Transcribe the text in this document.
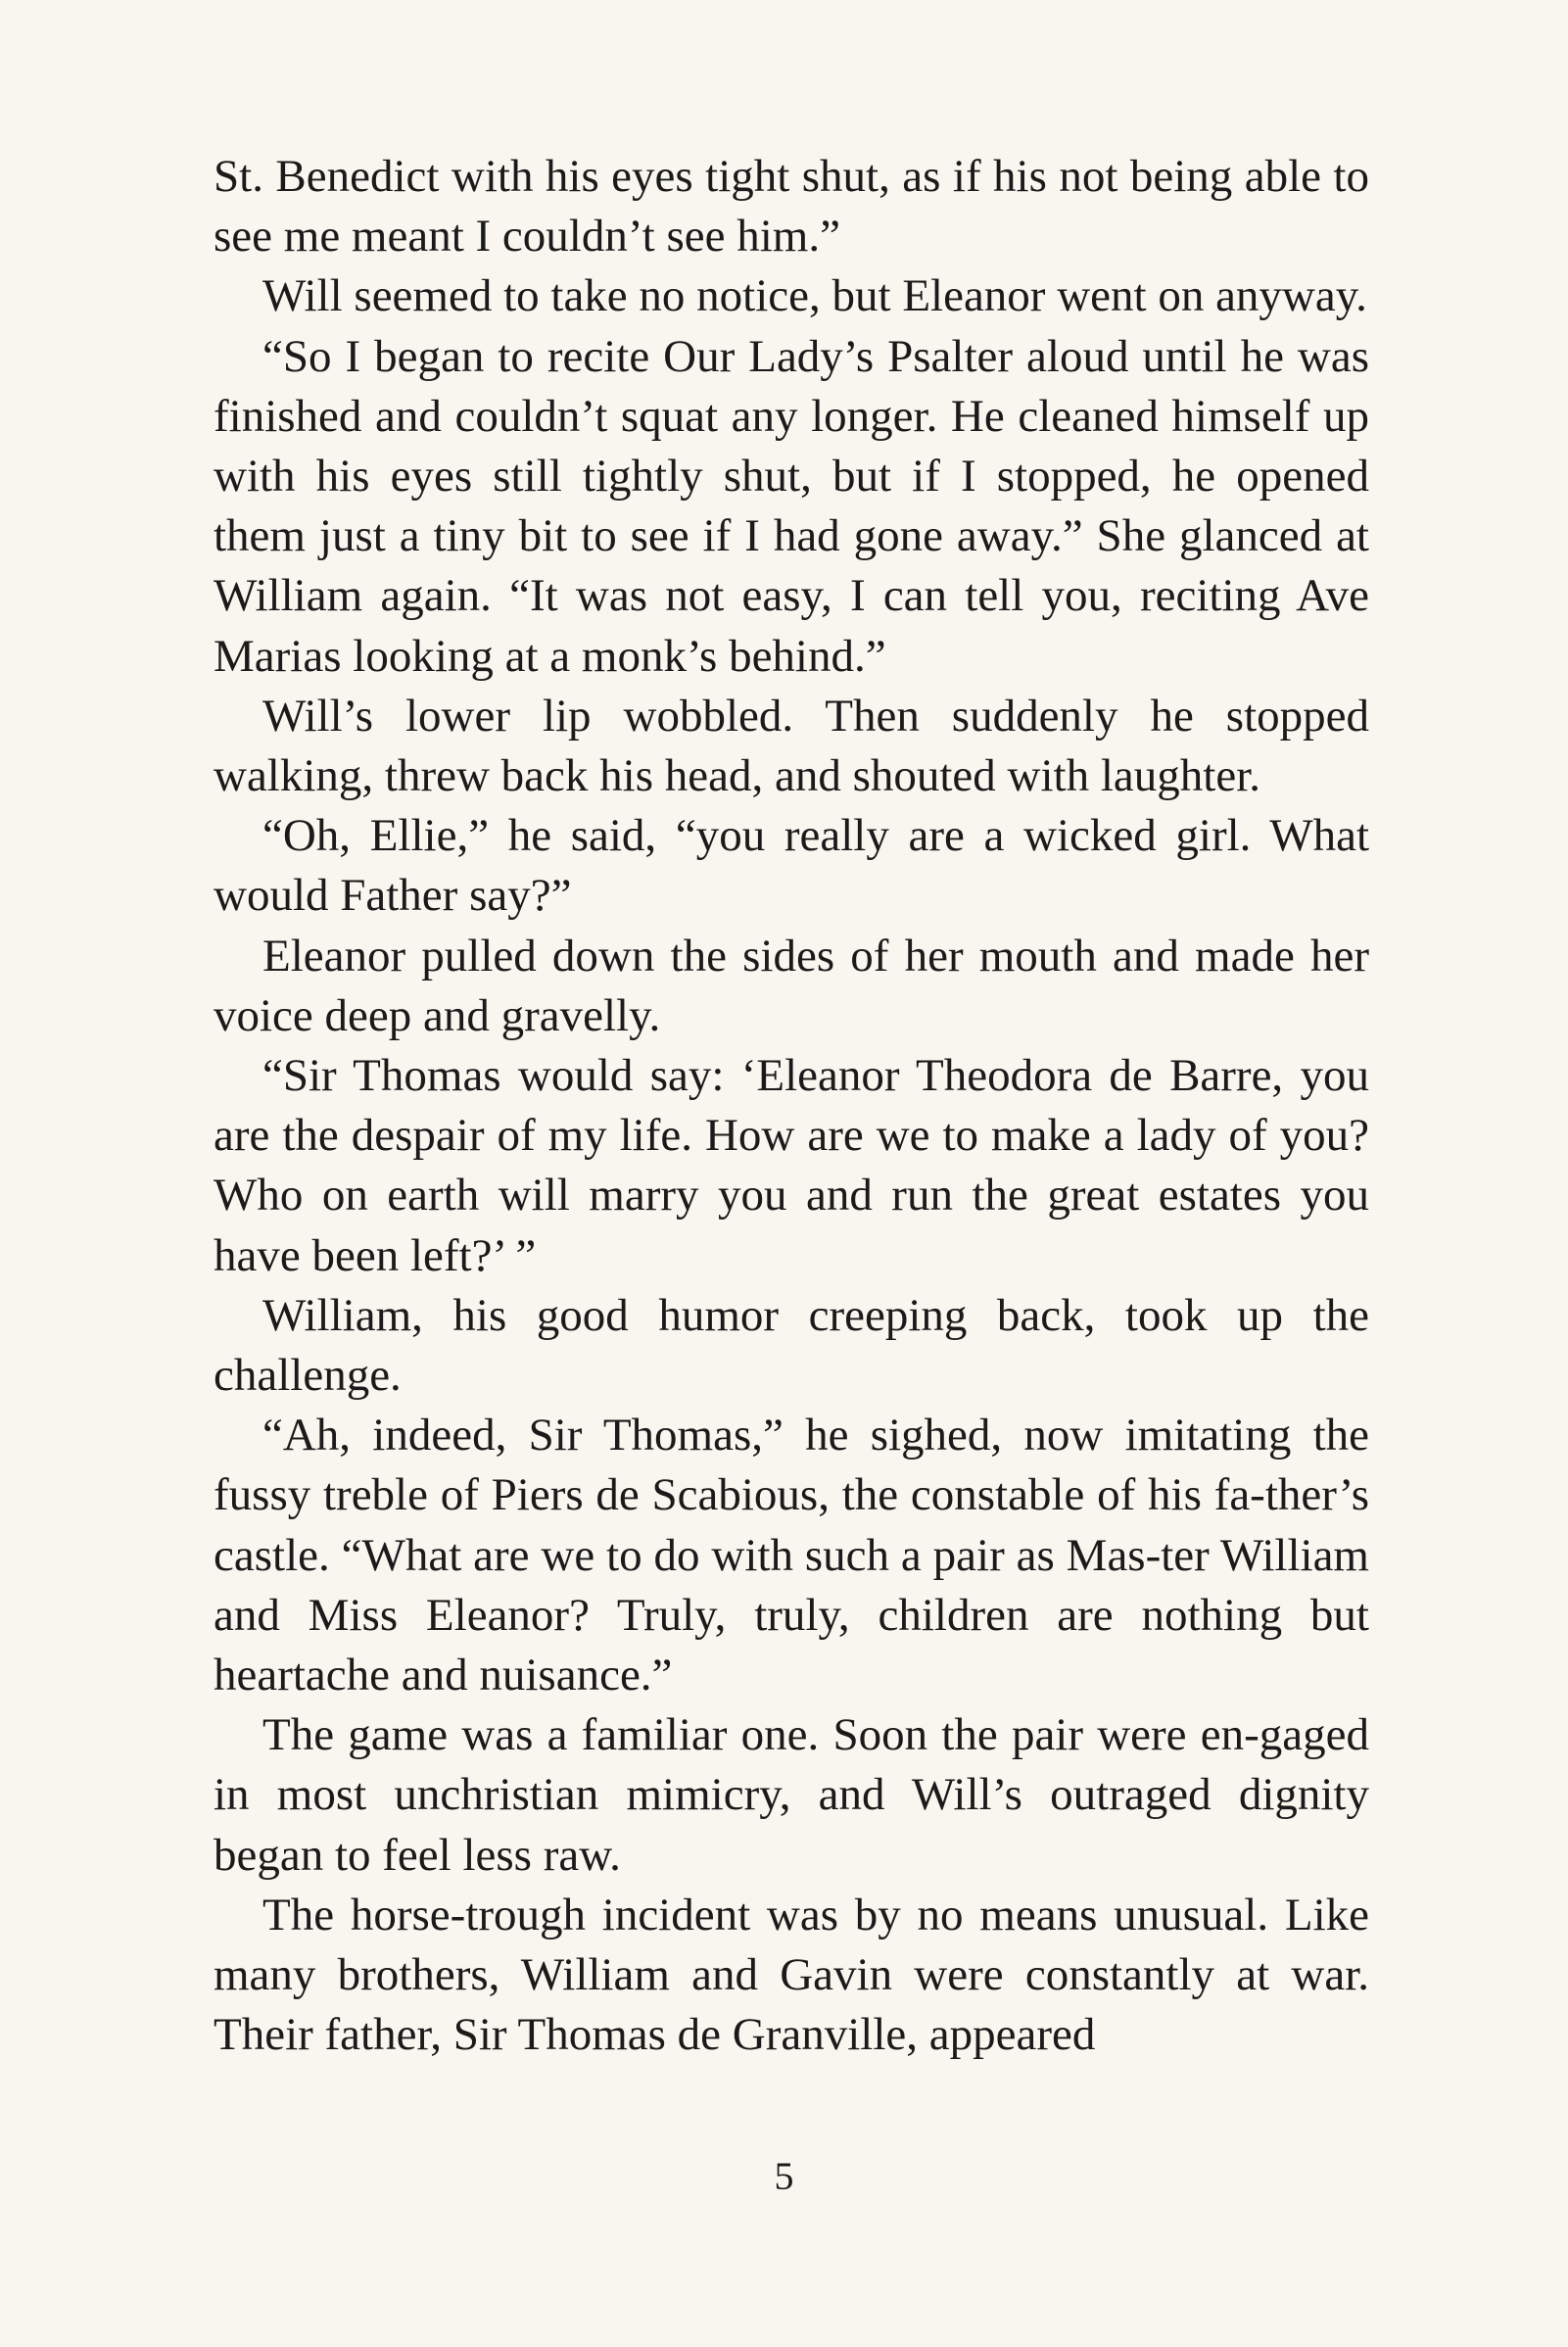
St. Benedict with his eyes tight shut, as if his not being able to see me meant I couldn’t see him.”

Will seemed to take no notice, but Eleanor went on anyway.

“So I began to recite Our Lady’s Psalter aloud until he was finished and couldn’t squat any longer. He cleaned himself up with his eyes still tightly shut, but if I stopped, he opened them just a tiny bit to see if I had gone away.” She glanced at William again. “It was not easy, I can tell you, reciting Ave Marias looking at a monk’s behind.”

Will’s lower lip wobbled. Then suddenly he stopped walking, threw back his head, and shouted with laughter.

“Oh, Ellie,” he said, “you really are a wicked girl. What would Father say?”

Eleanor pulled down the sides of her mouth and made her voice deep and gravelly.

“Sir Thomas would say: ‘Eleanor Theodora de Barre, you are the despair of my life. How are we to make a lady of you? Who on earth will marry you and run the great estates you have been left?’ ”

William, his good humor creeping back, took up the challenge.

“Ah, indeed, Sir Thomas,” he sighed, now imitating the fussy treble of Piers de Scabious, the constable of his fa-ther’s castle. “What are we to do with such a pair as Mas-ter William and Miss Eleanor? Truly, truly, children are nothing but heartache and nuisance.”

The game was a familiar one. Soon the pair were en-gaged in most unchristian mimicry, and Will’s outraged dignity began to feel less raw.

The horse-trough incident was by no means unusual. Like many brothers, William and Gavin were constantly at war. Their father, Sir Thomas de Granville, appeared

5
